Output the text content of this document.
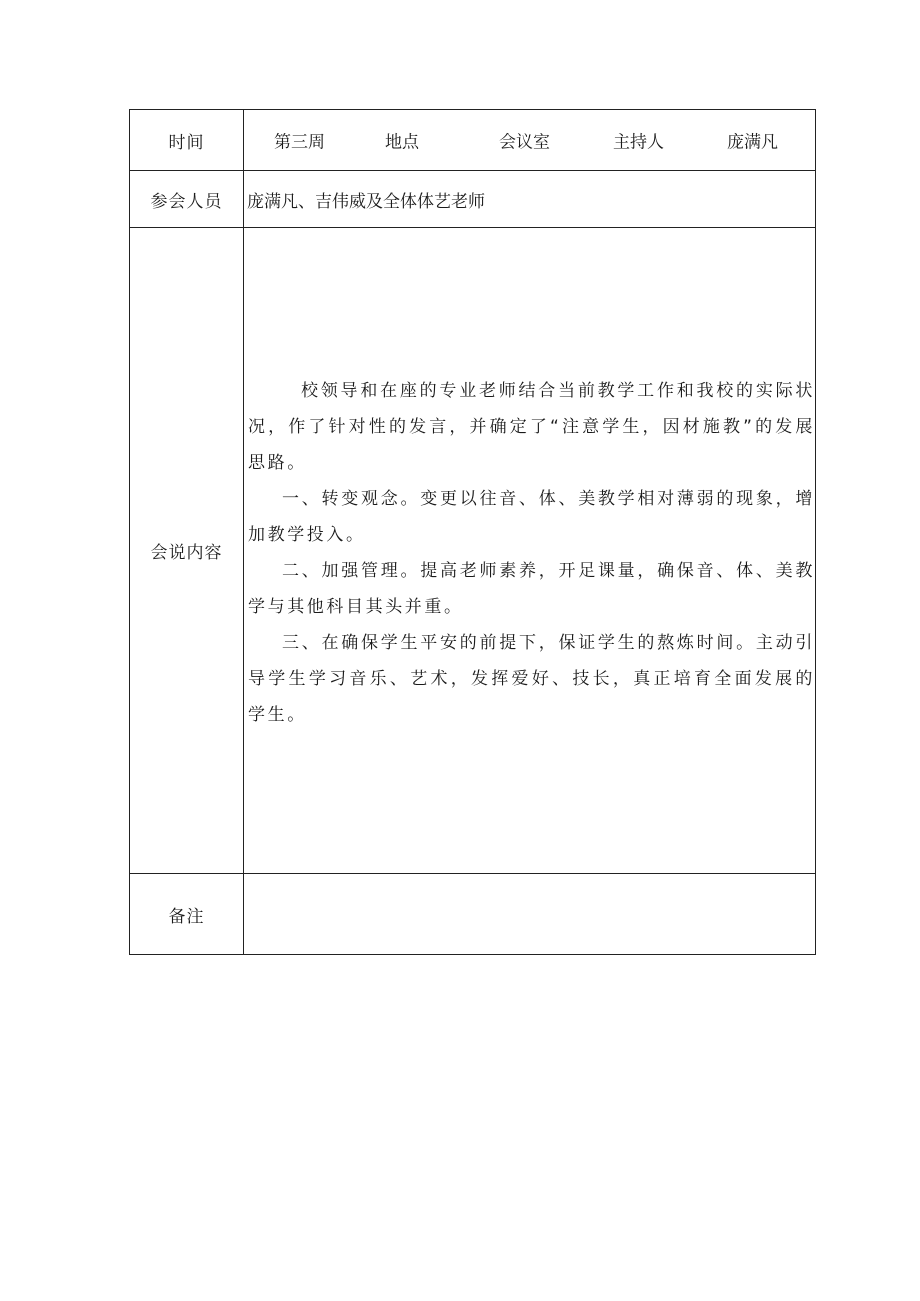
时间	第三周 地点 会议室 主持人 庞满凡

参会人员	庞满凡、吉伟威及全体体艺老师

会说内容	校领导和在座的专业老师结合当前教学工作和我校的实际状况，作了针对性的发言，并确定了“注意学生，因材施教”的发展思路。

一、转变观念。变更以往音、体、美教学相对薄弱的现象，增加教学投入。

二、加强管理。提高老师素养，开足课量，确保音、体、美教学与其他科目其头并重。

三、在确保学生平安的前提下，保证学生的熬炼时间。主动引导学生学习音乐、艺术，发挥爱好、技长，真正培育全面发展的学生。

备注	
